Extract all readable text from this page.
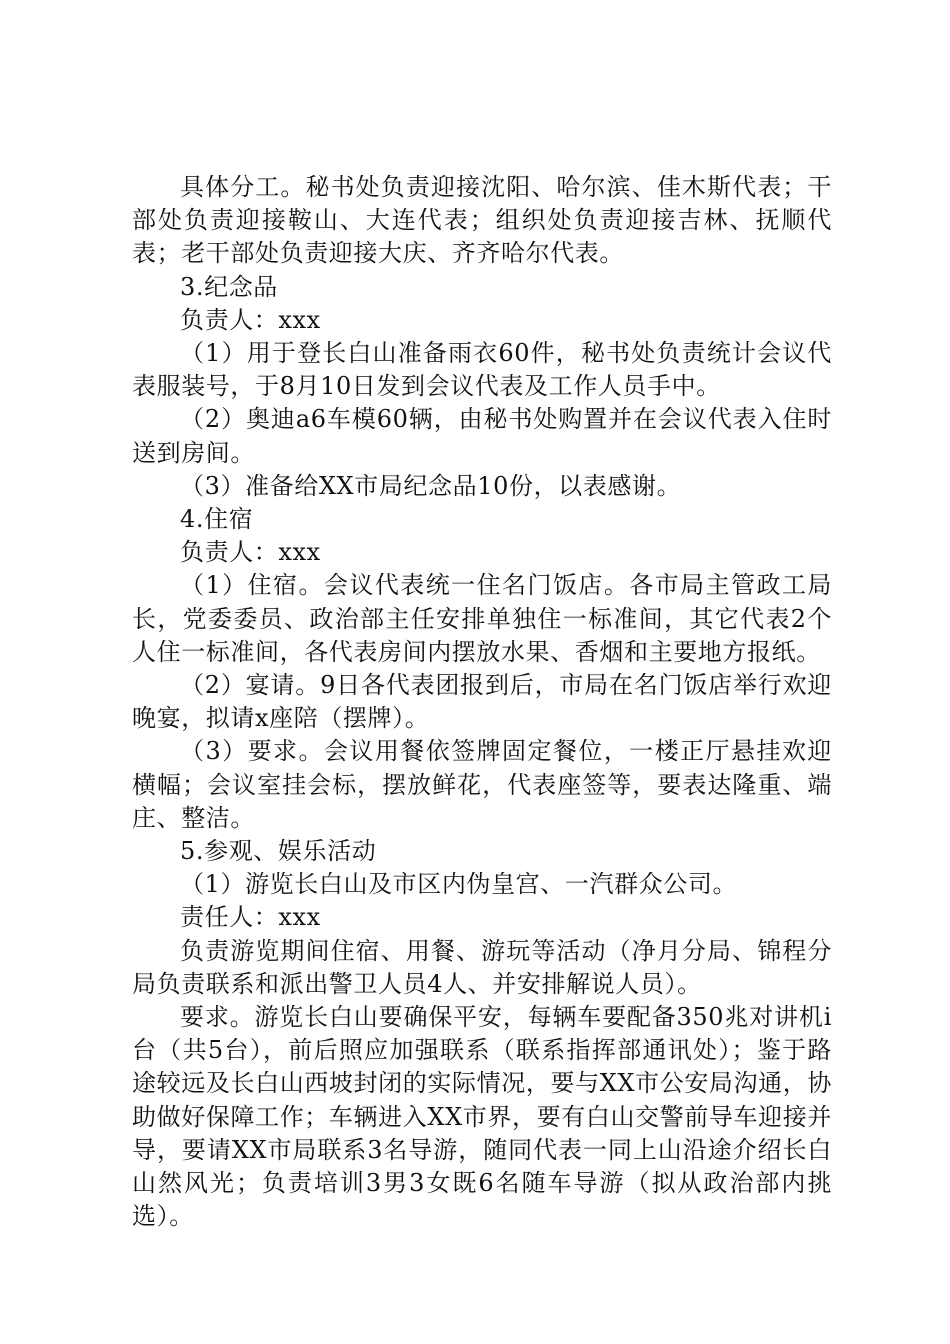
具体分工。秘书处负责迎接沈阳、哈尔滨、佳木斯代表；干部处负责迎接鞍山、大连代表；组织处负责迎接吉林、抚顺代表；老干部处负责迎接大庆、齐齐哈尔代表。

3.纪念品

负责人：xxx

（1）用于登长白山准备雨衣60件，秘书处负责统计会议代表服装号，于8月10日发到会议代表及工作人员手中。

（2）奥迪a6车模60辆，由秘书处购置并在会议代表入住时送到房间。

（3）准备给XX市局纪念品10份，以表感谢。

4.住宿

负责人：xxx

（1）住宿。会议代表统一住名门饭店。各市局主管政工局长，党委委员、政治部主任安排单独住一标准间，其它代表2个人住一标准间，各代表房间内摆放水果、香烟和主要地方报纸。

（2）宴请。9日各代表团报到后，市局在名门饭店举行欢迎晚宴，拟请x座陪（摆牌）。

（3）要求。会议用餐依签牌固定餐位，一楼正厅悬挂欢迎横幅；会议室挂会标，摆放鲜花，代表座签等，要表达隆重、端庄、整洁。

5.参观、娱乐活动

（1）游览长白山及市区内伪皇宫、一汽群众公司。

责任人：xxx

负责游览期间住宿、用餐、游玩等活动（净月分局、锦程分局负责联系和派出警卫人员4人、并安排解说人员）。

要求。游览长白山要确保平安，每辆车要配备350兆对讲机i台（共5台），前后照应加强联系（联系指挥部通讯处）；鉴于路途较远及长白山西坡封闭的实际情况，要与XX市公安局沟通，协助做好保障工作；车辆进入XX市界，要有白山交警前导车迎接并导，要请XX市局联系3名导游，随同代表一同上山沿途介绍长白山然风光；负责培训3男3女既6名随车导游（拟从政治部内挑选）。
